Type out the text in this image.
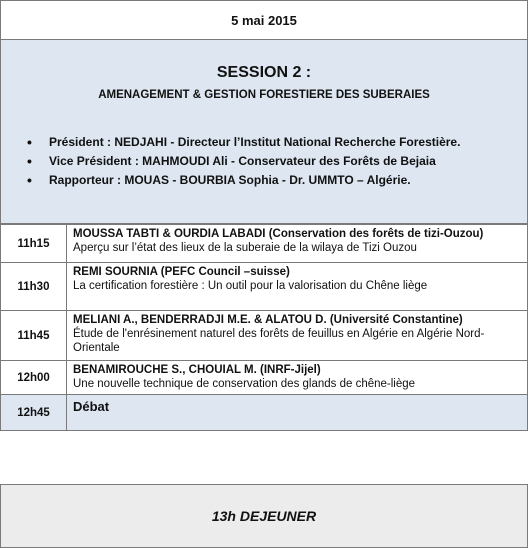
5 mai 2015
SESSION 2 :
AMENAGEMENT & GESTION FORESTIERE DES SUBERAIES
• Président : NEDJAHI - Directeur l’Institut National Recherche Forestière.
• Vice Président : MAHMOUDI Ali - Conservateur des Forêts de Bejaia
• Rapporteur : MOUAS - BOURBIA Sophia - Dr. UMMTO – Algérie.
11h15	MOUSSA TABTI & OURDIA LABADI (Conservation des forêts de tizi-Ouzou)
Aperçu sur l’état des lieux de la suberaie de la wilaya de Tizi Ouzou

11h30	REMI SOURNIA (PEFC Council –suisse)
La certification forestière : Un outil pour la valorisation du Chêne liège

11h45	MELIANI A., BENDERRADJI M.E. & ALATOU D. (Université Constantine)
Étude de l'enrésinement naturel des forêts de feuillus en Algérie en Algérie Nord-Orientale

12h00	BENAMIROUCHE S., CHOUIAL M. (INRF-Jijel)
Une nouvelle technique de conservation des glands de chêne-liège

12h45	Débat
13h DEJEUNER
